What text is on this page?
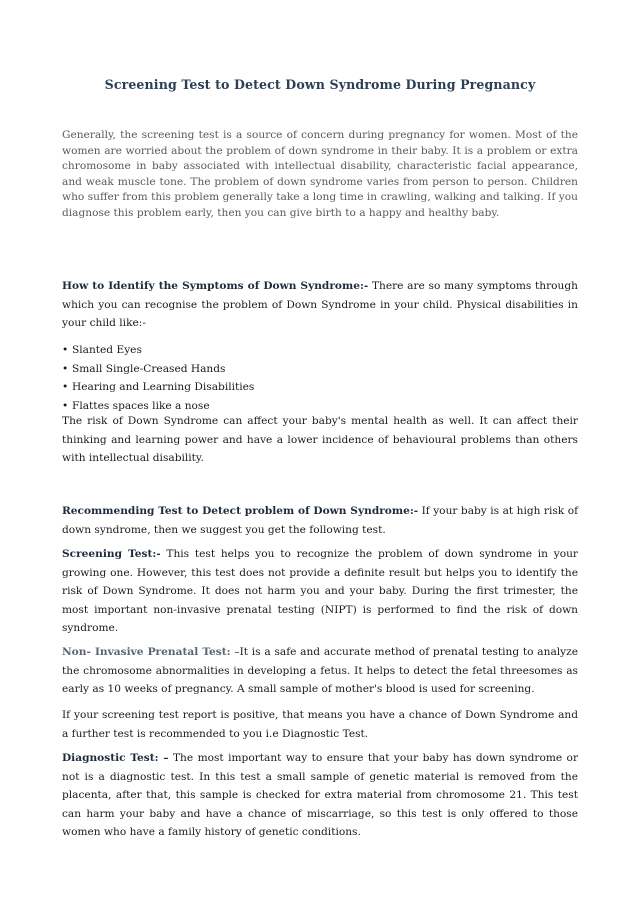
Screening Test to Detect Down Syndrome During Pregnancy

Generally, the screening test is a source of concern during pregnancy for women. Most of the women are worried about the problem of down syndrome in their baby. It is a problem or extra chromosome in baby associated with intellectual disability, characteristic facial appearance, and weak muscle tone. The problem of down syndrome varies from person to person. Children who suffer from this problem generally take a long time in crawling, walking and talking. If you diagnose this problem early, then you can give birth to a happy and healthy baby.

How to Identify the Symptoms of Down Syndrome:- There are so many symptoms through which you can recognise the problem of Down Syndrome in your child. Physical disabilities in your child like:-

• Slanted Eyes
• Small Single-Creased Hands
• Hearing and Learning Disabilities
• Flattes spaces like a nose

The risk of Down Syndrome can affect your baby's mental health as well. It can affect their thinking and learning power and have a lower incidence of behavioural problems than others with intellectual disability.

Recommending Test to Detect problem of Down Syndrome:- If your baby is at high risk of down syndrome, then we suggest you get the following test.

Screening Test:- This test helps you to recognize the problem of down syndrome in your growing one. However, this test does not provide a definite result but helps you to identify the risk of Down Syndrome. It does not harm you and your baby. During the first trimester, the most important non-invasive prenatal testing (NIPT) is performed to find the risk of down syndrome.

Non- Invasive Prenatal Test: –It is a safe and accurate method of prenatal testing to analyze the chromosome abnormalities in developing a fetus. It helps to detect the fetal threesomes as early as 10 weeks of pregnancy. A small sample of mother's blood is used for screening.

If your screening test report is positive, that means you have a chance of Down Syndrome and a further test is recommended to you i.e Diagnostic Test.

Diagnostic Test: – The most important way to ensure that your baby has down syndrome or not is a diagnostic test. In this test a small sample of genetic material is removed from the placenta, after that, this sample is checked for extra material from chromosome 21. This test can harm your baby and have a chance of miscarriage, so this test is only offered to those women who have a family history of genetic conditions.
